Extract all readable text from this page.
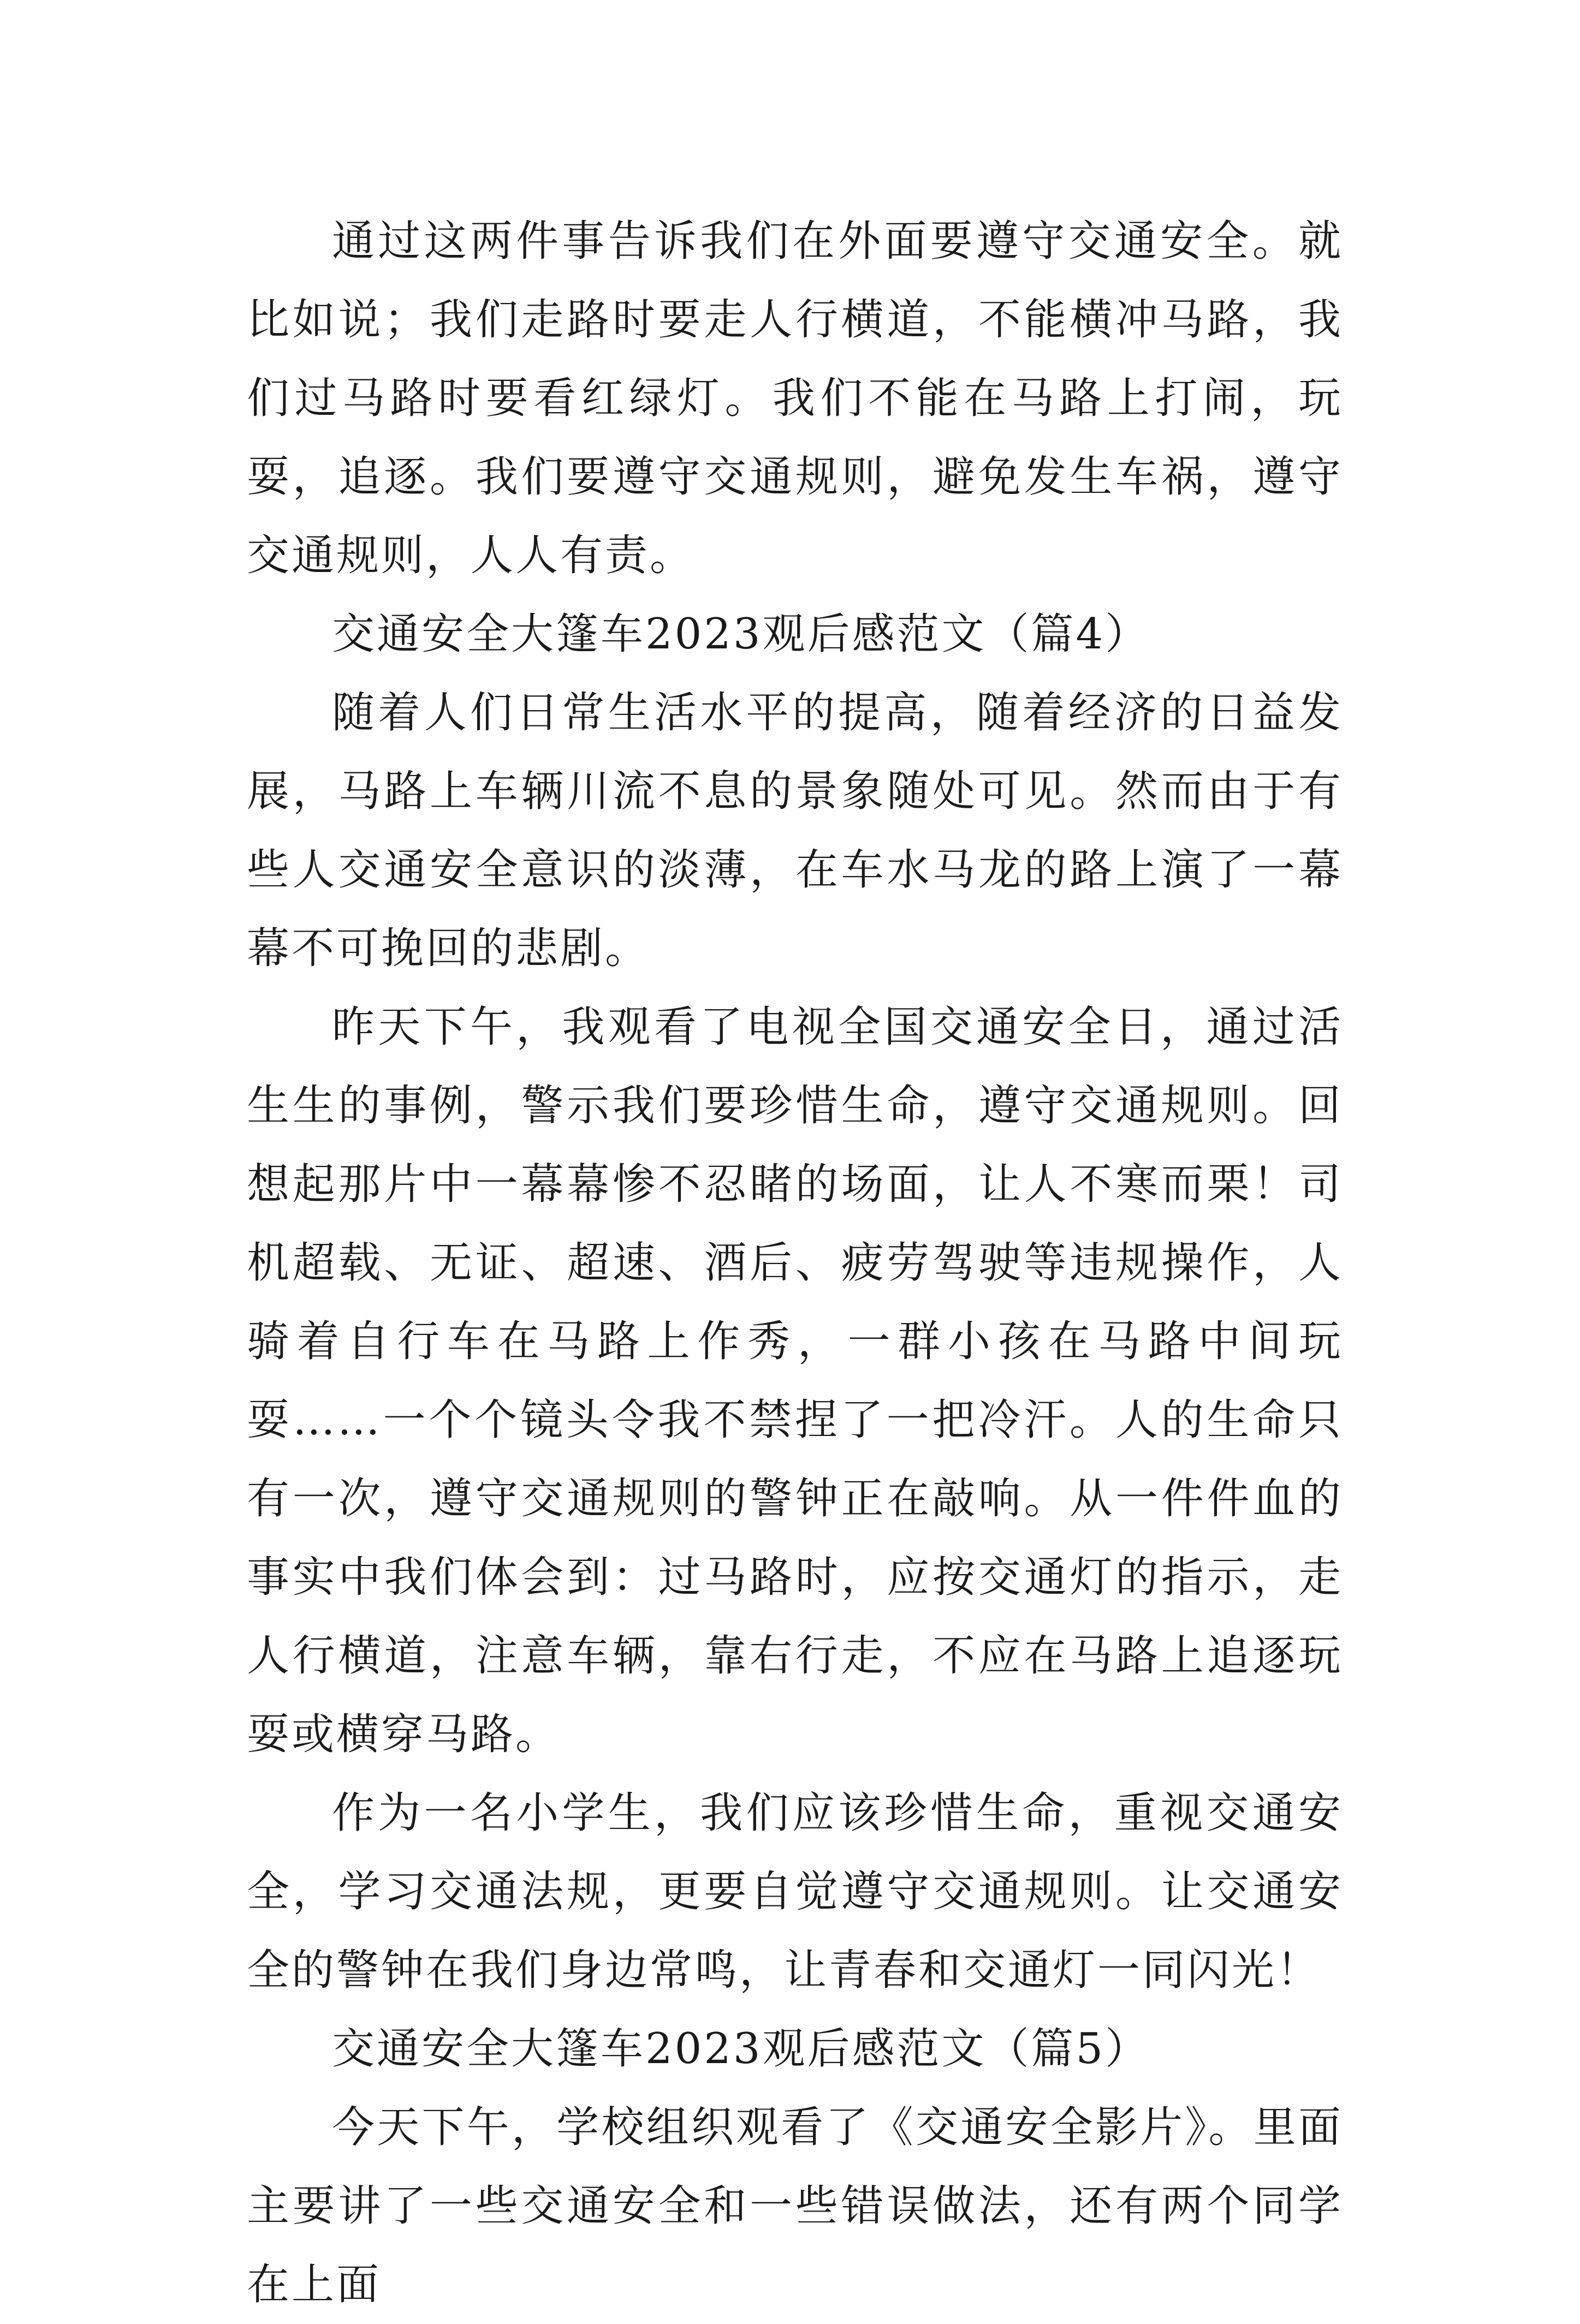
通过这两件事告诉我们在外面要遵守交通安全。就比如说；我们走路时要走人行横道，不能横冲马路，我们过马路时要看红绿灯。我们不能在马路上打闹，玩耍，追逐。我们要遵守交通规则，避免发生车祸，遵守交通规则，人人有责。

交通安全大篷车2023观后感范文（篇4）

随着人们日常生活水平的提高，随着经济的日益发展，马路上车辆川流不息的景象随处可见。然而由于有些人交通安全意识的淡薄，在车水马龙的路上演了一幕幕不可挽回的悲剧。

昨天下午，我观看了电视全国交通安全日，通过活生生的事例，警示我们要珍惜生命，遵守交通规则。回想起那片中一幕幕惨不忍睹的场面，让人不寒而栗！司机超载、无证、超速、酒后、疲劳驾驶等违规操作，人骑着自行车在马路上作秀，一群小孩在马路中间玩耍……一个个镜头令我不禁捏了一把冷汗。人的生命只有一次，遵守交通规则的警钟正在敲响。从一件件血的事实中我们体会到：过马路时，应按交通灯的指示，走人行横道，注意车辆，靠右行走，不应在马路上追逐玩耍或横穿马路。

作为一名小学生，我们应该珍惜生命，重视交通安全，学习交通法规，更要自觉遵守交通规则。让交通安全的警钟在我们身边常鸣，让青春和交通灯一同闪光！

交通安全大篷车2023观后感范文（篇5）

今天下午，学校组织观看了《交通安全影片》。里面主要讲了一些交通安全和一些错误做法，还有两个同学在上面
